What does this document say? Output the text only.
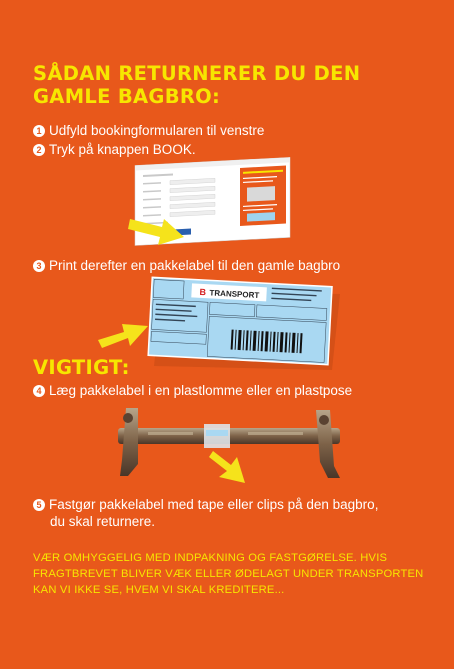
SÅDAN RETURNERER DU DEN GAMLE BAGBRO:
1 Udfyld bookingformularen til venstre
2 Tryk på knappen BOOK.
3 Print derefter en pakkelabel til den gamle bagbro
B TRANSPORT
VIGTIGT:
4 Læg pakkelabel i en plastlomme eller en plastpose
5 Fastgør pakkelabel med tape eller clips på den bagbro,
du skal returnere.
VÆR OMHYGGELIG MED INDPAKNING OG FASTGØRELSE. HVIS FRAGTBREVET BLIVER VÆK ELLER ØDELAGT UNDER TRANSPORTEN KAN VI IKKE SE, HVEM VI SKAL KREDITERE...
